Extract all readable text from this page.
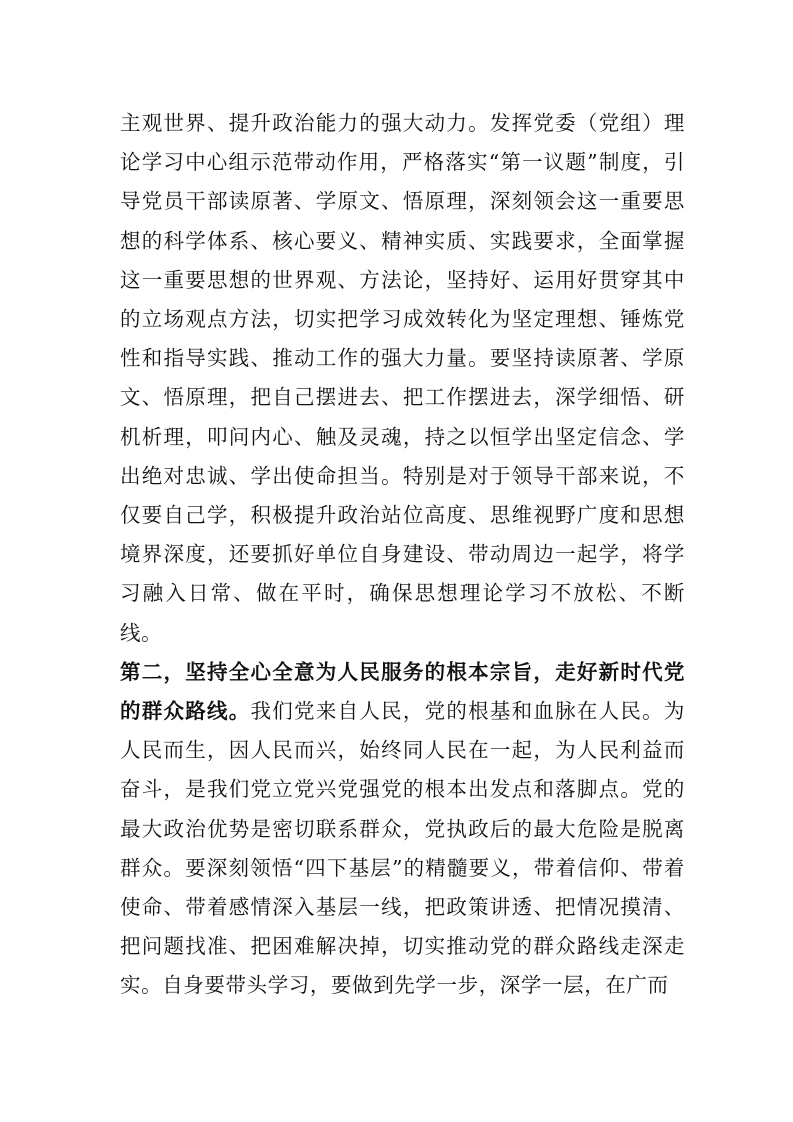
主观世界、提升政治能力的强大动力。发挥党委（党组）理论学习中心组示范带动作用，严格落实“第一议题”制度，引导党员干部读原著、学原文、悟原理，深刻领会这一重要思想的科学体系、核心要义、精神实质、实践要求，全面掌握这一重要思想的世界观、方法论，坚持好、运用好贯穿其中的立场观点方法，切实把学习成效转化为坚定理想、锤炼党性和指导实践、推动工作的强大力量。要坚持读原著、学原文、悟原理，把自己摆进去、把工作摆进去，深学细悟、研机析理，叩问内心、触及灵魂，持之以恒学出坚定信念、学出绝对忠诚、学出使命担当。特别是对于领导干部来说，不仅要自己学，积极提升政治站位高度、思维视野广度和思想境界深度，还要抓好单位自身建设、带动周边一起学，将学习融入日常、做在平时，确保思想理论学习不放松、不断线。

第二，坚持全心全意为人民服务的根本宗旨，走好新时代党的群众路线。我们党来自人民，党的根基和血脉在人民。为人民而生，因人民而兴，始终同人民在一起，为人民利益而奋斗，是我们党立党兴党强党的根本出发点和落脚点。党的最大政治优势是密切联系群众，党执政后的最大危险是脱离群众。要深刻领悟“四下基层”的精髓要义，带着信仰、带着使命、带着感情深入基层一线，把政策讲透、把情况摸清、把问题找准、把困难解决掉，切实推动党的群众路线走深走实。自身要带头学习，要做到先学一步，深学一层，在广而
